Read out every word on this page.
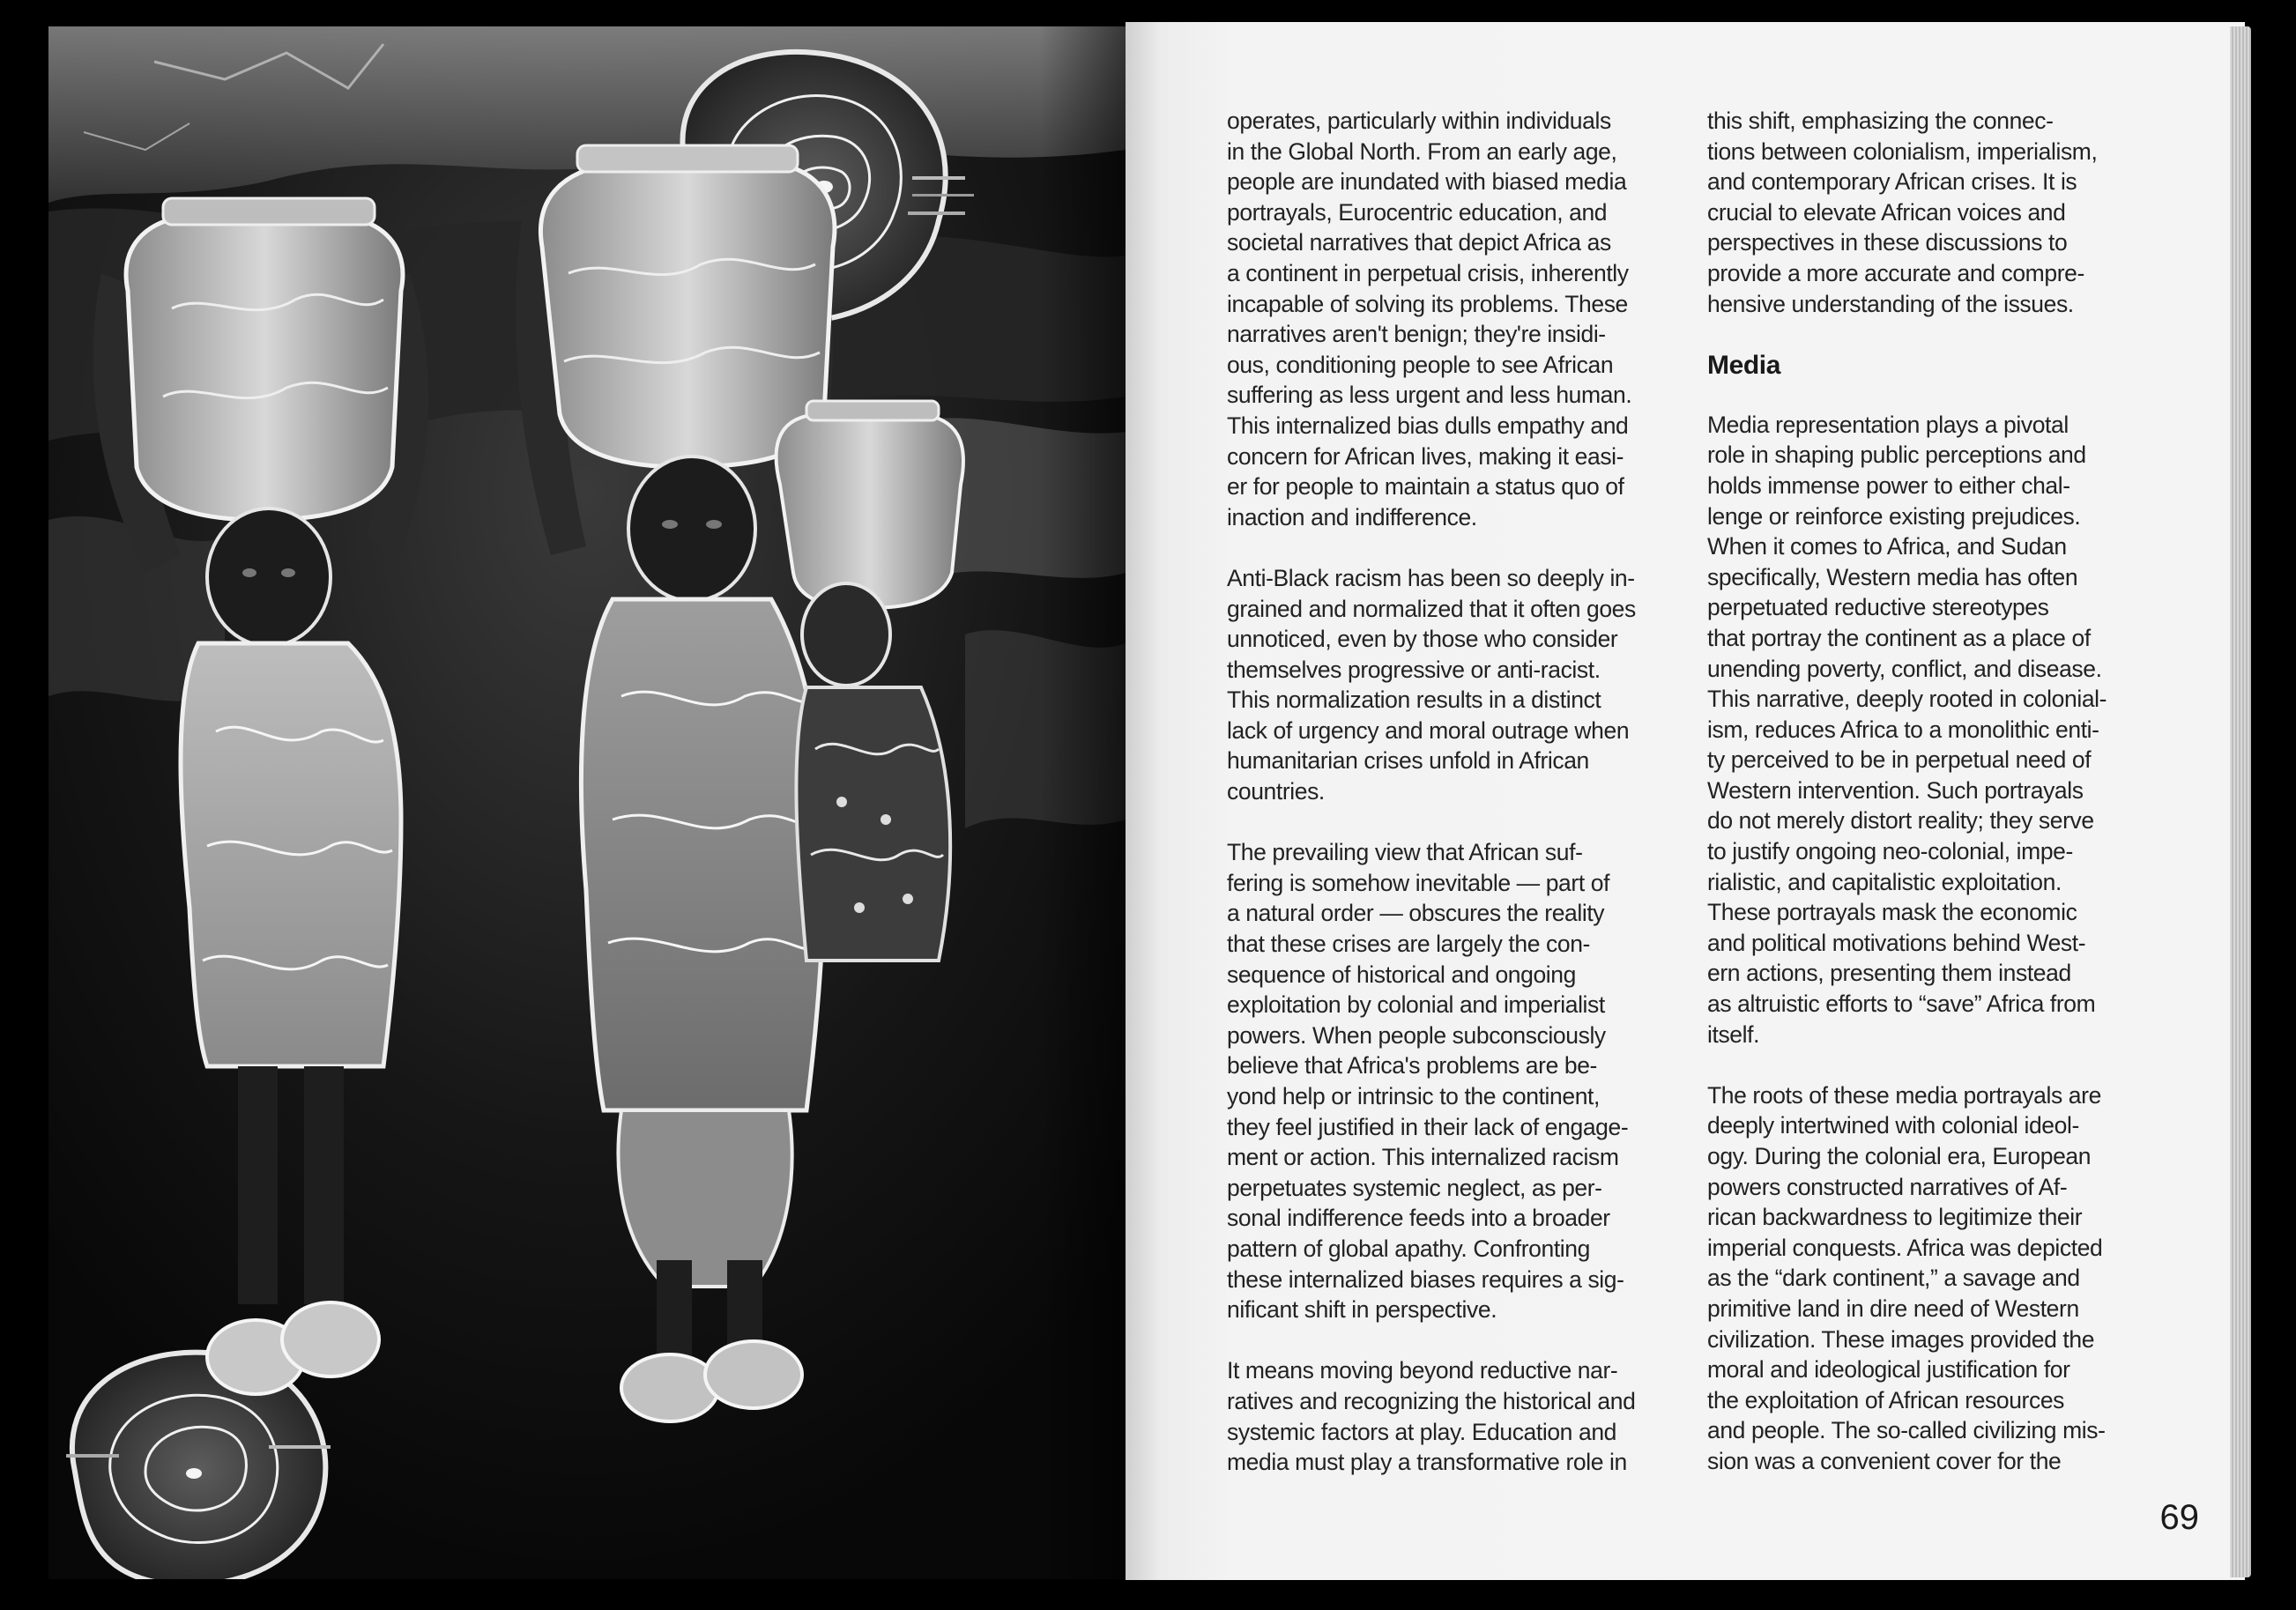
operates, particularly within individuals
in the Global North. From an early age,
people are inundated with biased media
portrayals, Eurocentric education, and
societal narratives that depict Africa as
a continent in perpetual crisis, inherently
incapable of solving its problems. These
narratives aren't benign; they're insidi-
ous, conditioning people to see African
suffering as less urgent and less human.
This internalized bias dulls empathy and
concern for African lives, making it easi-
er for people to maintain a status quo of
inaction and indifference.

Anti-Black racism has been so deeply in-
grained and normalized that it often goes
unnoticed, even by those who consider
themselves progressive or anti-racist.
This normalization results in a distinct
lack of urgency and moral outrage when
humanitarian crises unfold in African
countries.

The prevailing view that African suf-
fering is somehow inevitable — part of
a natural order — obscures the reality
that these crises are largely the con-
sequence of historical and ongoing
exploitation by colonial and imperialist
powers. When people subconsciously
believe that Africa's problems are be-
yond help or intrinsic to the continent,
they feel justified in their lack of engage-
ment or action. This internalized racism
perpetuates systemic neglect, as per-
sonal indifference feeds into a broader
pattern of global apathy. Confronting
these internalized biases requires a sig-
nificant shift in perspective.

It means moving beyond reductive nar-
ratives and recognizing the historical and
systemic factors at play. Education and
media must play a transformative role in

this shift, emphasizing the connec-
tions between colonialism, imperialism,
and contemporary African crises. It is
crucial to elevate African voices and
perspectives in these discussions to
provide a more accurate and compre-
hensive understanding of the issues.

Media

Media representation plays a pivotal
role in shaping public perceptions and
holds immense power to either chal-
lenge or reinforce existing prejudices.
When it comes to Africa, and Sudan
specifically, Western media has often
perpetuated reductive stereotypes
that portray the continent as a place of
unending poverty, conflict, and disease.
This narrative, deeply rooted in colonial-
ism, reduces Africa to a monolithic enti-
ty perceived to be in perpetual need of
Western intervention. Such portrayals
do not merely distort reality; they serve
to justify ongoing neo-colonial, impe-
rialistic, and capitalistic exploitation.
These portrayals mask the economic
and political motivations behind West-
ern actions, presenting them instead
as altruistic efforts to “save” Africa from
itself.

The roots of these media portrayals are
deeply intertwined with colonial ideol-
ogy. During the colonial era, European
powers constructed narratives of Af-
rican backwardness to legitimize their
imperial conquests. Africa was depicted
as the “dark continent,” a savage and
primitive land in dire need of Western
civilization. These images provided the
moral and ideological justification for
the exploitation of African resources
and people. The so-called civilizing mis-
sion was a convenient cover for the

69
